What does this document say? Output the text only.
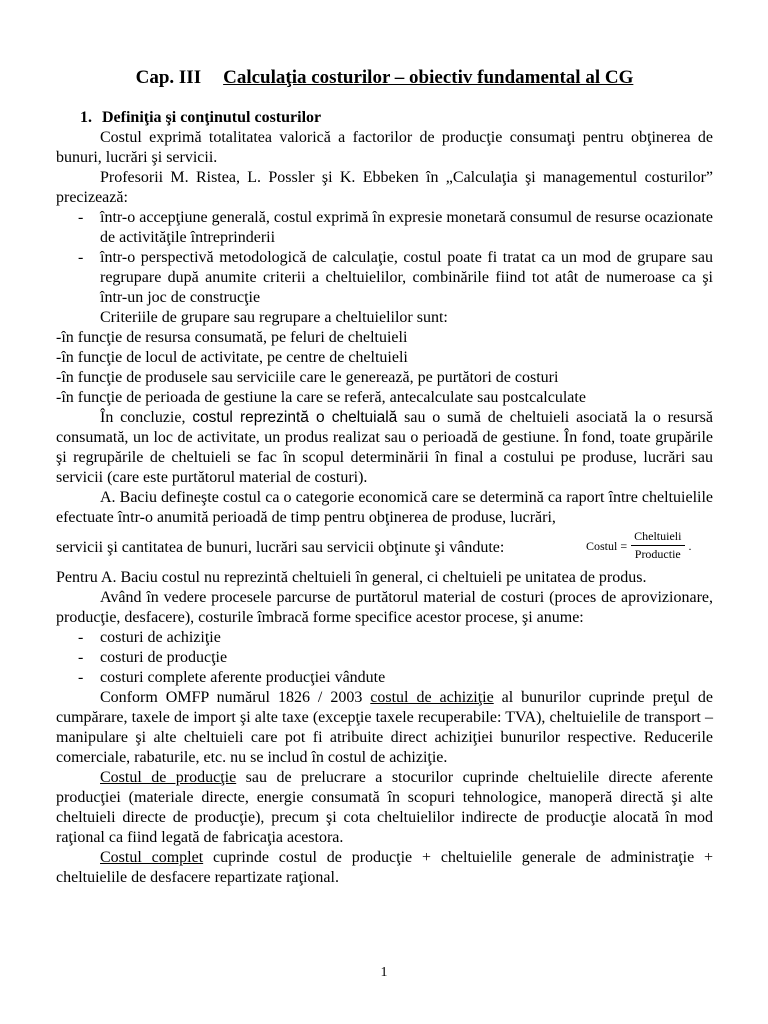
Cap. III Calculaţia costurilor – obiectiv fundamental al CG
1. Definiţia şi conţinutul costurilor

Costul exprimă totalitatea valorică a factorilor de producţie consumaţi pentru obţinerea de bunuri, lucrări şi servicii.

Profesorii M. Ristea, L. Possler şi K. Ebbeken în „Calculaţia şi managementul costurilor” precizează:

- într-o accepţiune generală, costul exprimă în expresie monetară consumul de resurse ocazionate de activităţile întreprinderii
- într-o perspectivă metodologică de calculaţie, costul poate fi tratat ca un mod de grupare sau regrupare după anumite criterii a cheltuielilor, combinările fiind tot atât de numeroase ca şi într-un joc de construcţie

Criteriile de grupare sau regrupare a cheltuielilor sunt:

-în funcţie de resursa consumată, pe feluri de cheltuieli

-în funcţie de locul de activitate, pe centre de cheltuieli

-în funcţie de produsele sau serviciile care le generează, pe purtători de costuri

-în funcţie de perioada de gestiune la care se referă, antecalculate sau postcalculate

În concluzie, costul reprezintă o cheltuială sau o sumă de cheltuieli asociată la o resursă consumată, un loc de activitate, un produs realizat sau o perioadă de gestiune. În fond, toate grupările şi regrupările de cheltuieli se fac în scopul determinării în final a costului pe produse, lucrări sau servicii (care este purtătorul material de costuri).

A. Baciu defineşte costul ca o categorie economică care se determină ca raport între cheltuielile efectuate într-o anumită perioadă de timp pentru obţinerea de produse, lucrări,

servicii şi cantitatea de bunuri, lucrări sau servicii obţinute şi vândute:	Costul = $\frac{\text{Cheltuieli}}{\text{Productie}}$ .

Pentru A. Baciu costul nu reprezintă cheltuieli în general, ci cheltuieli pe unitatea de produs.

Având în vedere procesele parcurse de purtătorul material de costuri (proces de aprovizionare, producţie, desfacere), costurile îmbracă forme specifice acestor procese, şi anume:

- costuri de achiziţie
- costuri de producţie
- costuri complete aferente producţiei vândute

Conform OMFP numărul 1826 / 2003 costul de achiziţie al bunurilor cuprinde preţul de cumpărare, taxele de import şi alte taxe (excepţie taxele recuperabile: TVA), cheltuielile de transport – manipulare şi alte cheltuieli care pot fi atribuite direct achiziţiei bunurilor respective. Reducerile comerciale, rabaturile, etc. nu se includ în costul de achiziţie.

Costul de producţie sau de prelucrare a stocurilor cuprinde cheltuielile directe aferente producţiei (materiale directe, energie consumată în scopuri tehnologice, manoperă directă şi alte cheltuieli directe de producţie), precum şi cota cheltuielilor indirecte de producţie alocată în mod raţional ca fiind legată de fabricaţia acestora.

Costul complet cuprinde costul de producţie + cheltuielile generale de administraţie + cheltuielile de desfacere repartizate raţional.

1
